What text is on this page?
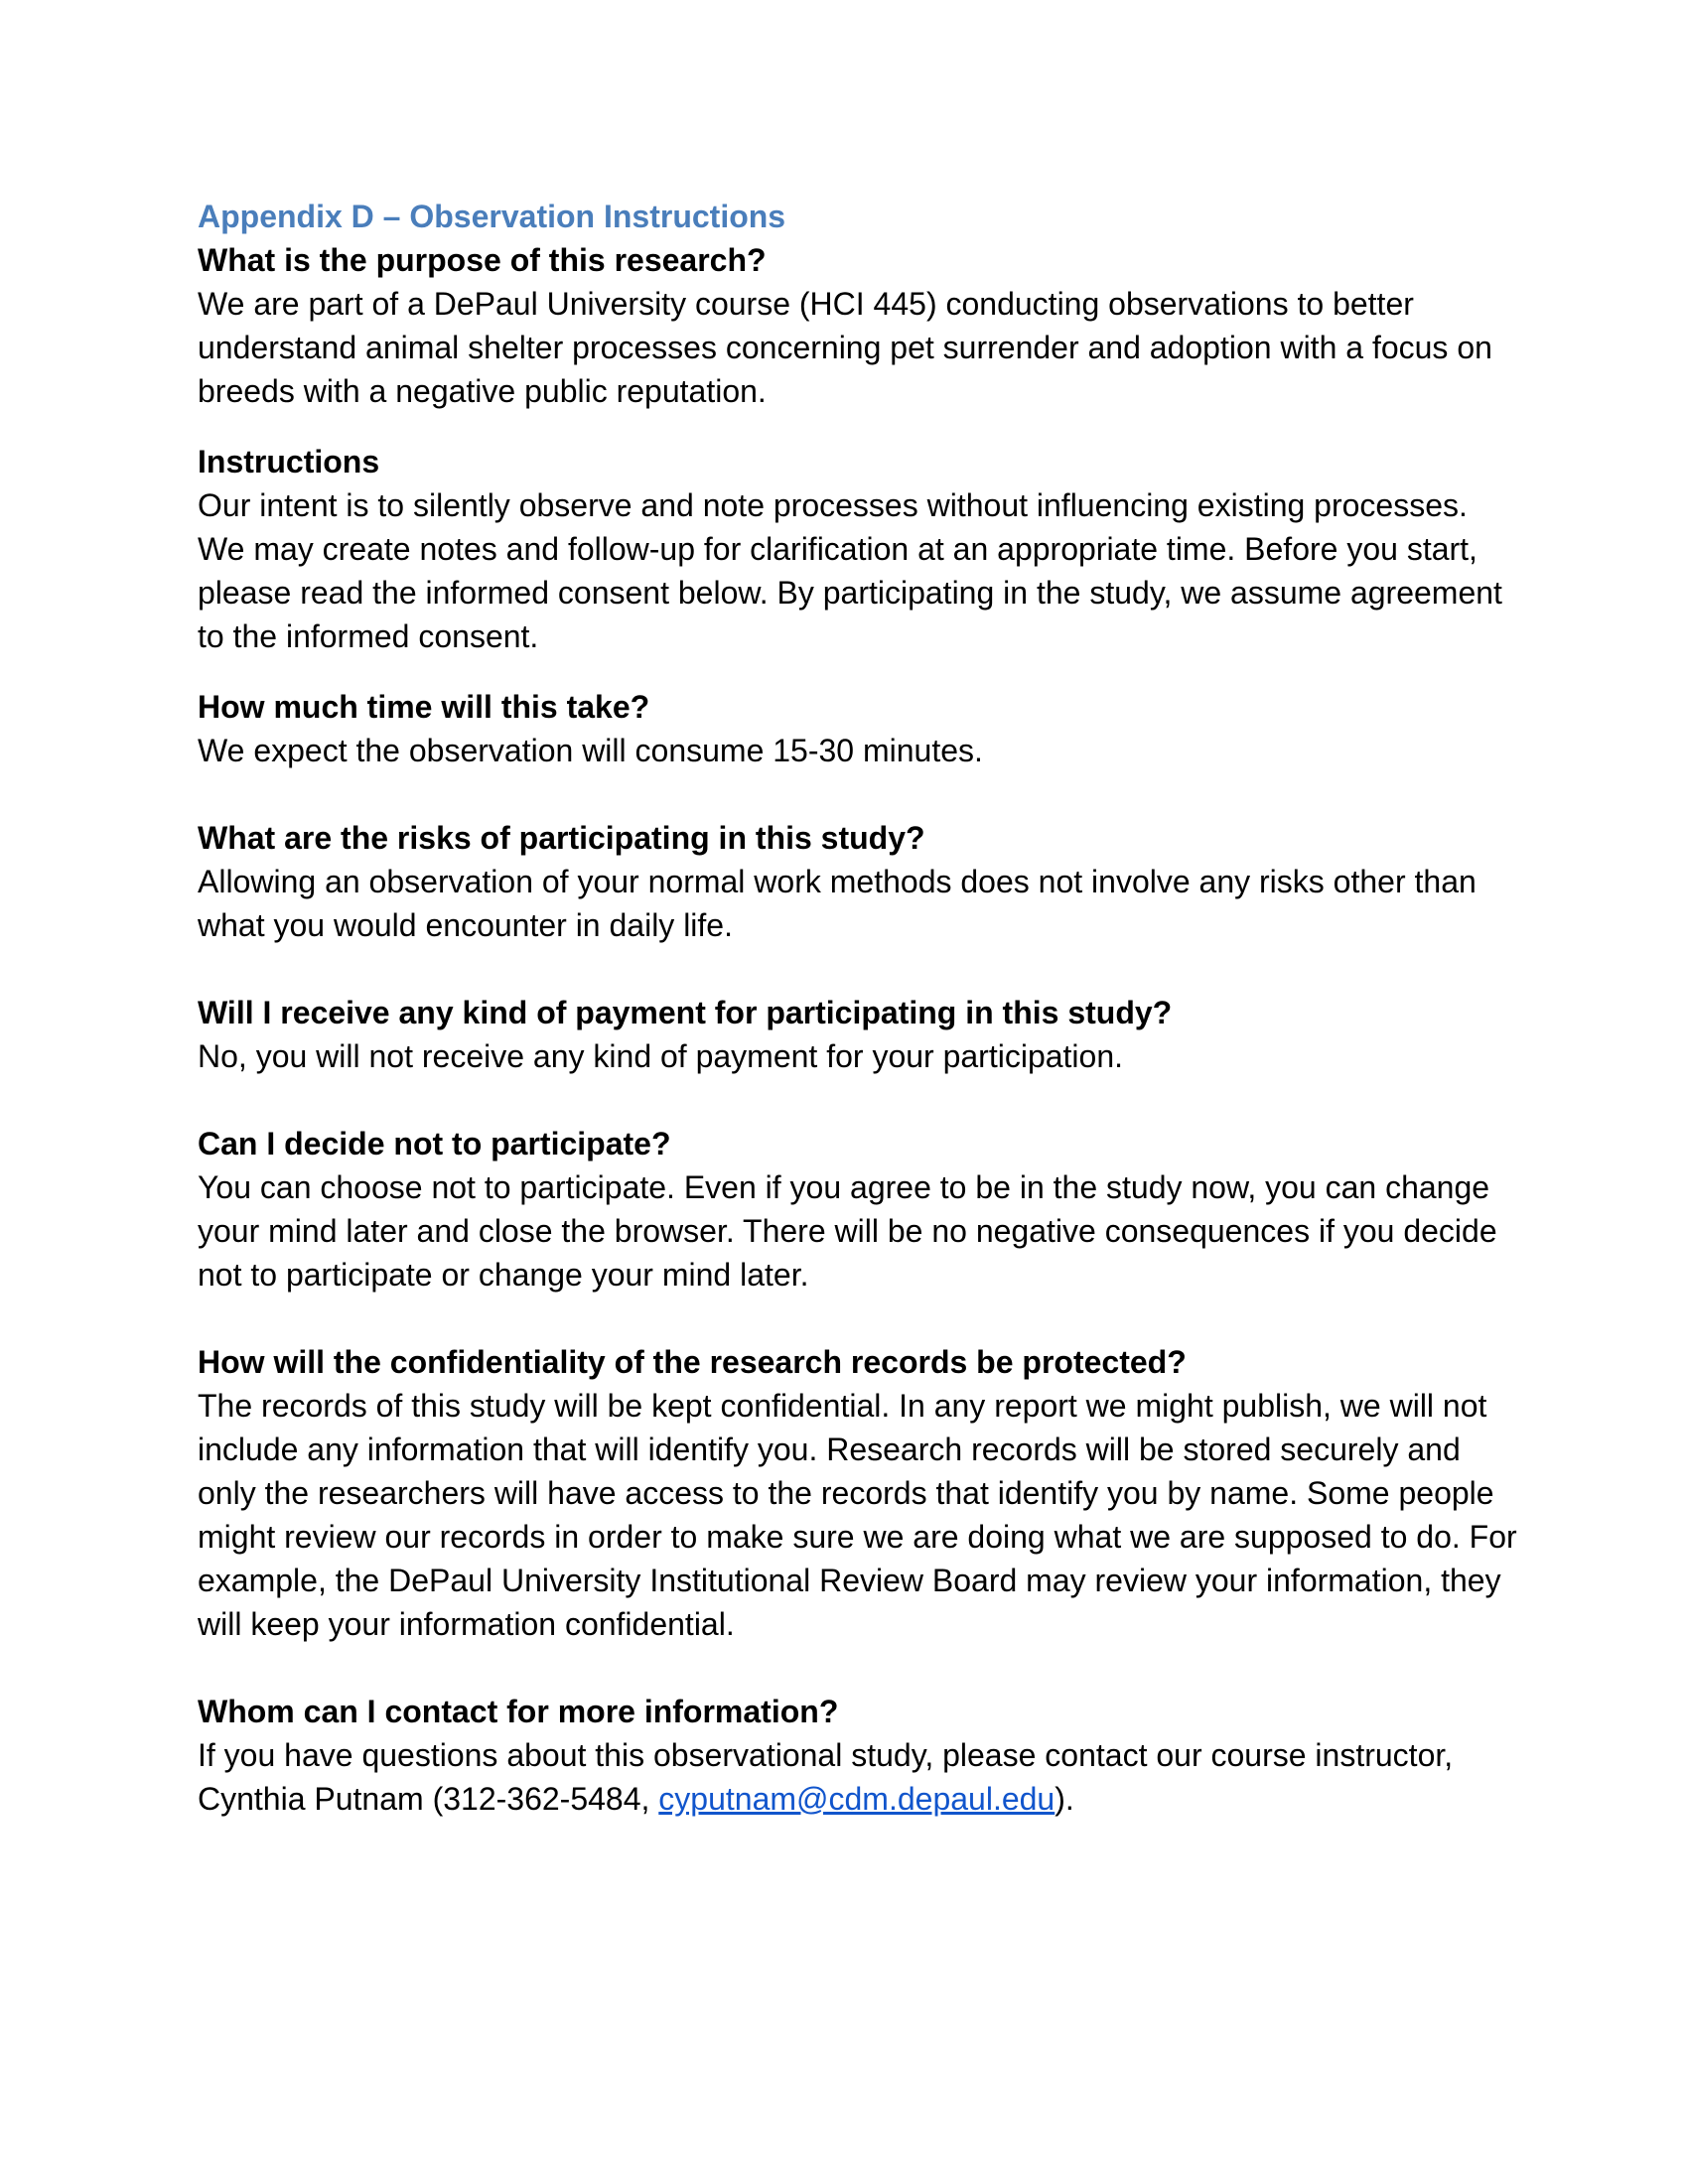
Appendix D – Observation Instructions

What is the purpose of this research?

We are part of a DePaul University course (HCI 445) conducting observations to better understand animal shelter processes concerning pet surrender and adoption with a focus on breeds with a negative public reputation.

Instructions

Our intent is to silently observe and note processes without influencing existing processes. We may create notes and follow-up for clarification at an appropriate time. Before you start, please read the informed consent below. By participating in the study, we assume agreement to the informed consent.

How much time will this take?

We expect the observation will consume 15-30 minutes.

What are the risks of participating in this study?

Allowing an observation of your normal work methods does not involve any risks other than what you would encounter in daily life.

Will I receive any kind of payment for participating in this study?

No, you will not receive any kind of payment for your participation.

Can I decide not to participate?

You can choose not to participate. Even if you agree to be in the study now, you can change your mind later and close the browser. There will be no negative consequences if you decide not to participate or change your mind later.

How will the confidentiality of the research records be protected?

The records of this study will be kept confidential. In any report we might publish, we will not include any information that will identify you. Research records will be stored securely and only the researchers will have access to the records that identify you by name. Some people might review our records in order to make sure we are doing what we are supposed to do. For example, the DePaul University Institutional Review Board may review your information, they will keep your information confidential.

Whom can I contact for more information?

If you have questions about this observational study, please contact our course instructor, Cynthia Putnam (312-362-5484, cyputnam@cdm.depaul.edu).
